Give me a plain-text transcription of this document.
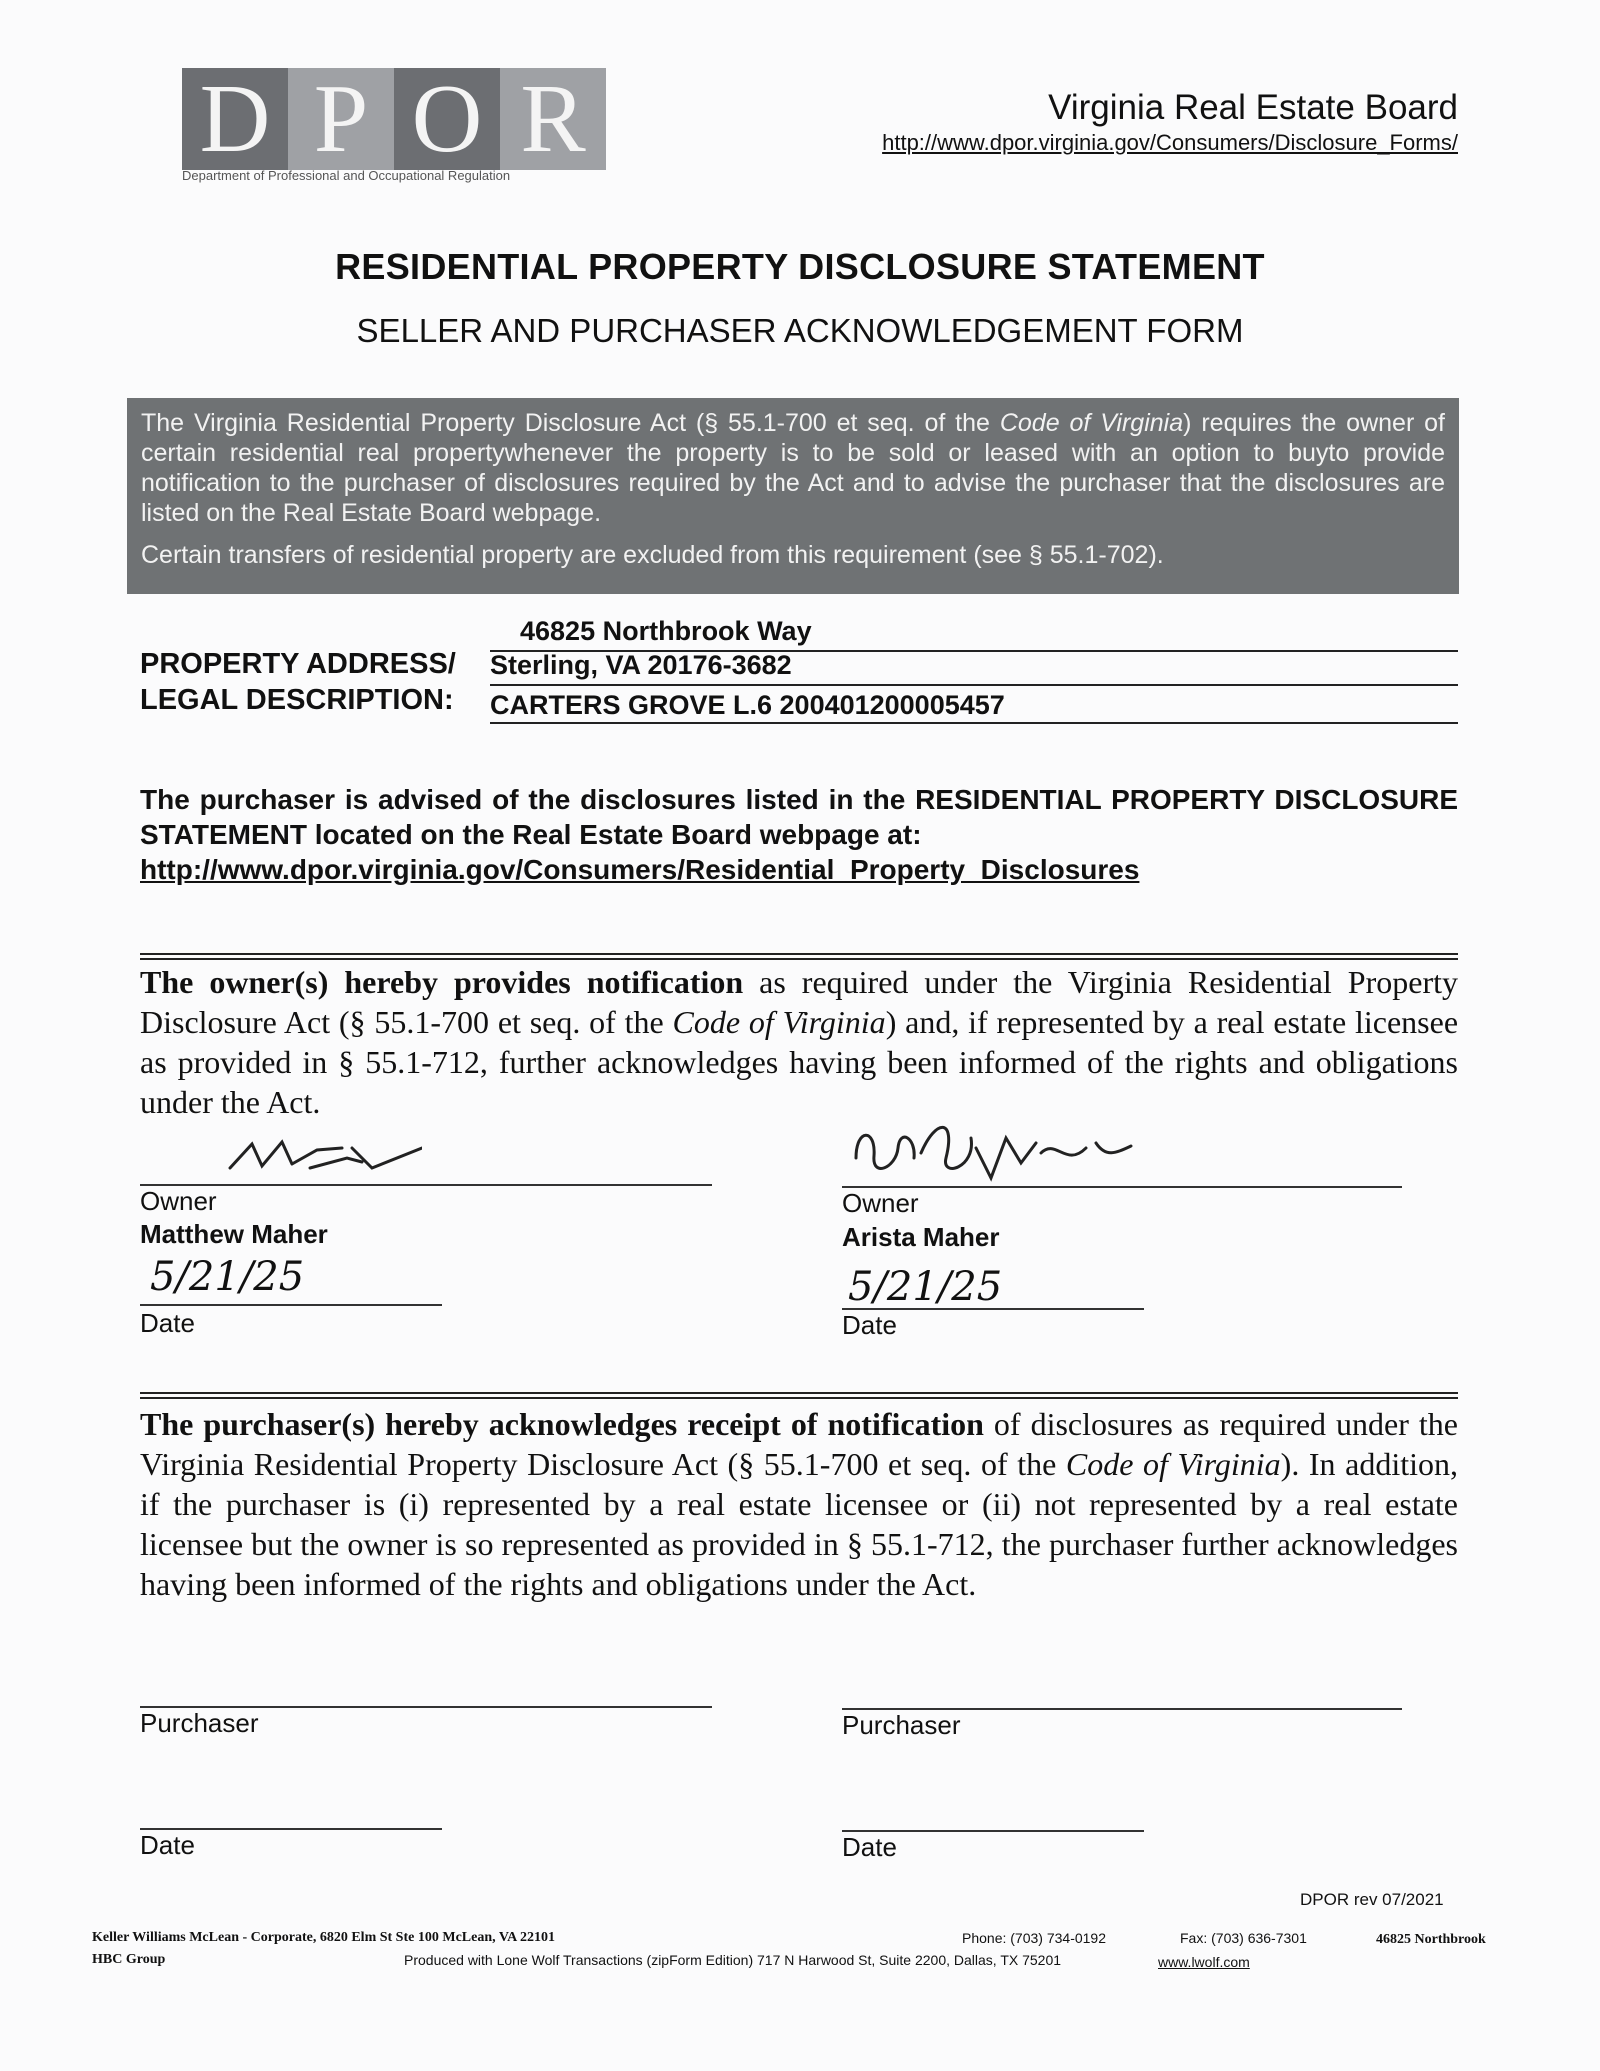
D P O R
Department of Professional and Occupational Regulation
Virginia Real Estate Board
http://www.dpor.virginia.gov/Consumers/Disclosure_Forms/
RESIDENTIAL PROPERTY DISCLOSURE STATEMENT
SELLER AND PURCHASER ACKNOWLEDGEMENT FORM

The Virginia Residential Property Disclosure Act (§ 55.1-700 et seq. of the Code of Virginia) requires the owner of certain residential real propertywhenever the property is to be sold or leased with an option to buyto provide notification to the purchaser of disclosures required by the Act and to advise the purchaser that the disclosures are listed on the Real Estate Board webpage.

Certain transfers of residential property are excluded from this requirement (see § 55.1-702).

46825 Northbrook Way
PROPERTY ADDRESS/ Sterling, VA 20176-3682
LEGAL DESCRIPTION: CARTERS GROVE L.6 200401200005457
The purchaser is advised of the disclosures listed in the RESIDENTIAL PROPERTY DISCLOSURE STATEMENT located on the Real Estate Board webpage at:
http://www.dpor.virginia.gov/Consumers/Residential_Property_Disclosures
The owner(s) hereby provides notification as required under the Virginia Residential Property Disclosure Act (§ 55.1-700 et seq. of the Code of Virginia) and, if represented by a real estate licensee as provided in § 55.1-712, further acknowledges having been informed of the rights and obligations under the Act.
Owner
Matthew Maher
5/21/25
Date
Owner
Arista Maher
5/21/25
Date
The purchaser(s) hereby acknowledges receipt of notification of disclosures as required under the Virginia Residential Property Disclosure Act (§ 55.1-700 et seq. of the Code of Virginia). In addition, if the purchaser is (i) represented by a real estate licensee or (ii) not represented by a real estate licensee but the owner is so represented as provided in § 55.1-712, the purchaser further acknowledges having been informed of the rights and obligations under the Act.
Purchaser	Purchaser
Date	Date
DPOR rev 07/2021
Keller Williams McLean - Corporate, 6820 Elm St Ste 100 McLean, VA 22101	Phone: (703) 734-0192	Fax: (703) 636-7301	46825 Northbrook
HBC Group	Produced with Lone Wolf Transactions (zipForm Edition) 717 N Harwood St, Suite 2200, Dallas, TX 75201	www.lwolf.com
